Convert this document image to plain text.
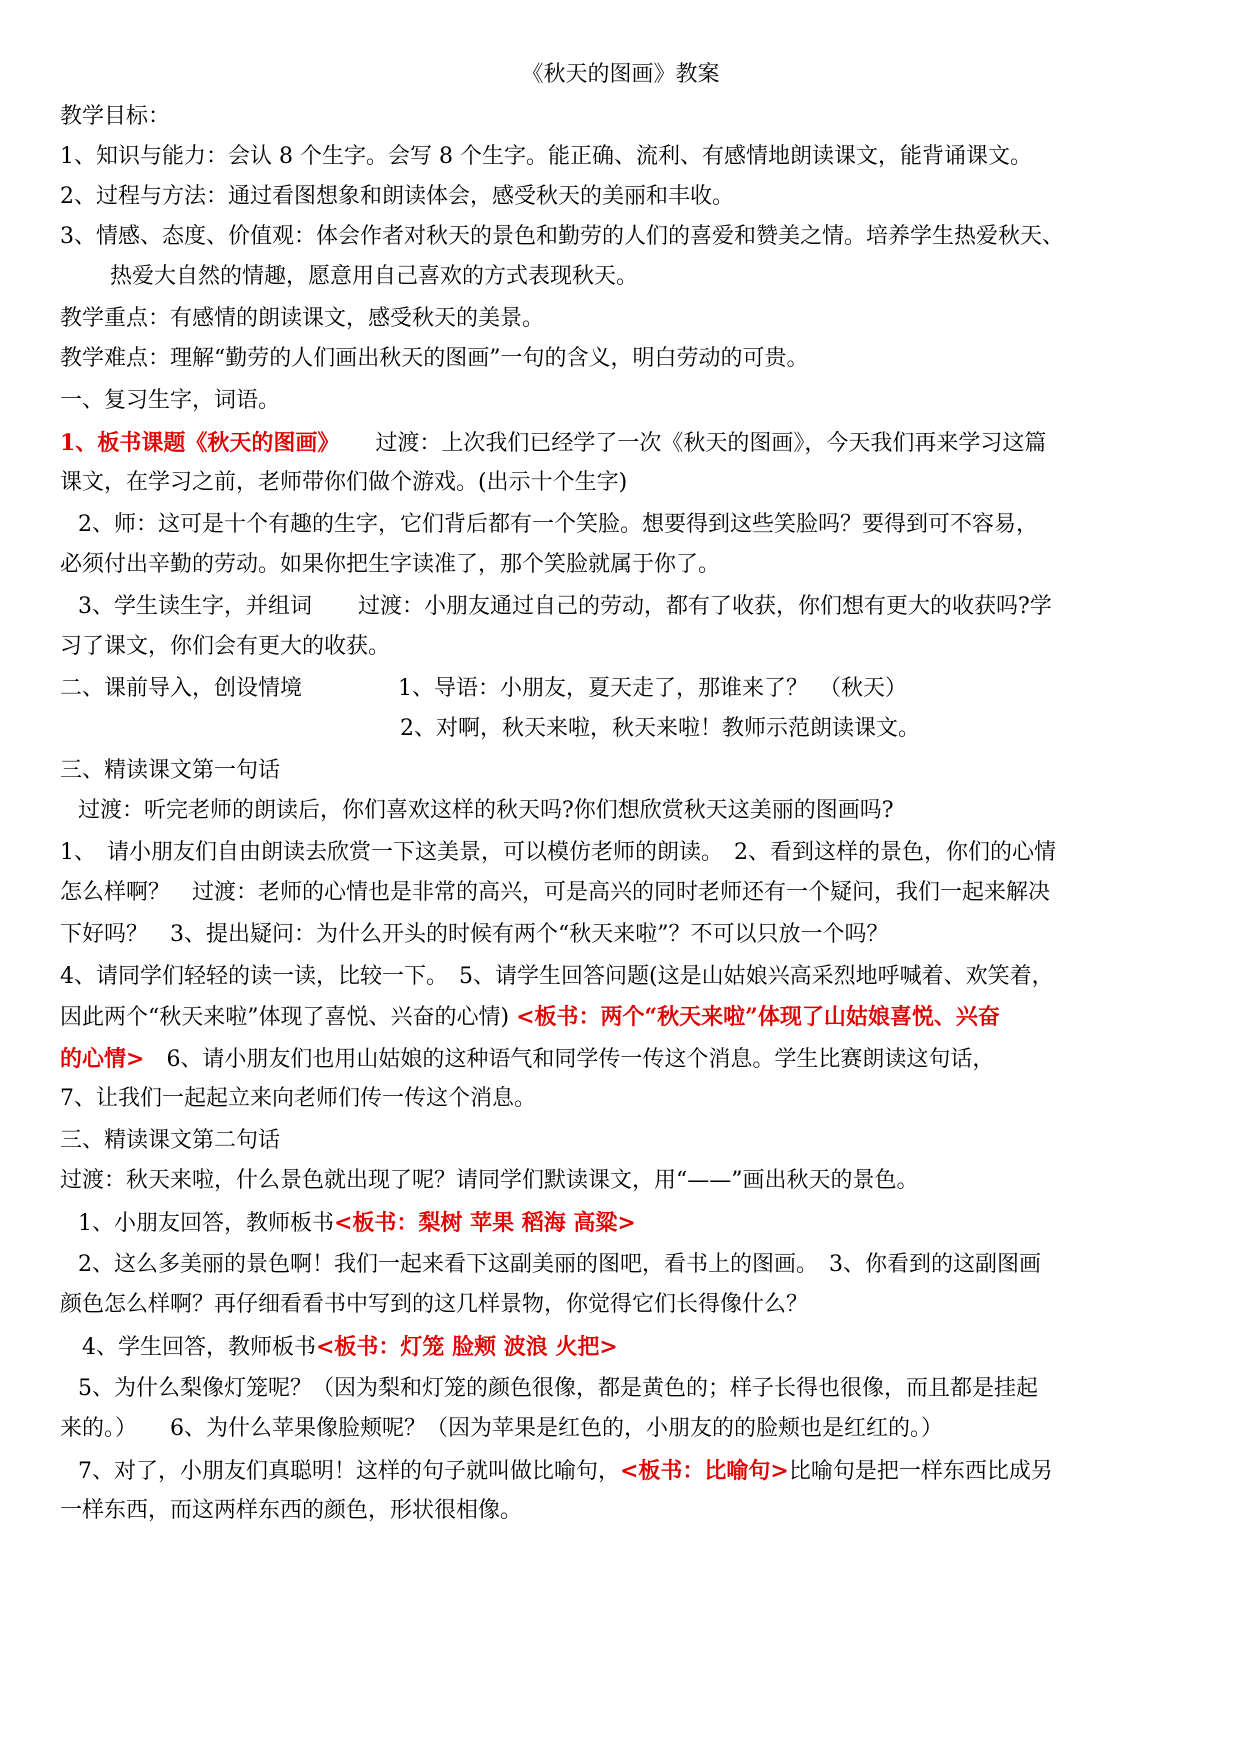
《秋天的图画》教案
教学目标：
1、知识与能力：会认 8 个生字。会写 8 个生字。能正确、流利、有感情地朗读课文，能背诵课文。
2、过程与方法：通过看图想象和朗读体会，感受秋天的美丽和丰收。
3、情感、态度、价值观：体会作者对秋天的景色和勤劳的人们的喜爱和赞美之情。培养学生热爱秋天、
热爱大自然的情趣，愿意用自己喜欢的方式表现秋天。
教学重点：有感情的朗读课文，感受秋天的美景。
教学难点：理解“勤劳的人们画出秋天的图画”一句的含义，明白劳动的可贵。
一、复习生字，词语。
1、板书课题《秋天的图画》 过渡：上次我们已经学了一次《秋天的图画》，今天我们再来学习这篇
课文，在学习之前，老师带你们做个游戏。(出示十个生字)
2、师：这可是十个有趣的生字，它们背后都有一个笑脸。想要得到这些笑脸吗？要得到可不容易，
必须付出辛勤的劳动。如果你把生字读准了，那个笑脸就属于你了。
3、学生读生字，并组词 过渡：小朋友通过自己的劳动，都有了收获，你们想有更大的收获吗?学
习了课文，你们会有更大的收获。
二、课前导入，创设情境	1、导语：小朋友，夏天走了，那谁来了？　（秋天）
2、对啊，秋天来啦，秋天来啦！教师示范朗读课文。
三、精读课文第一句话
过渡：听完老师的朗读后，你们喜欢这样的秋天吗?你们想欣赏秋天这美丽的图画吗?
1、　请小朋友们自由朗读去欣赏一下这美景，可以模仿老师的朗读。　2、看到这样的景色，你们的心情
怎么样啊？　过渡：老师的心情也是非常的高兴，可是高兴的同时老师还有一个疑问，我们一起来解决
下好吗？　3、提出疑问：为什么开头的时候有两个“秋天来啦”？不可以只放一个吗？
4、请同学们轻轻的读一读，比较一下。　5、请学生回答问题(这是山姑娘兴高采烈地呼喊着、欢笑着，
因此两个“秋天来啦”体现了喜悦、兴奋的心情) <板书：两个“秋天来啦”体现了山姑娘喜悦、兴奋
的心情>　6、请小朋友们也用山姑娘的这种语气和同学传一传这个消息。学生比赛朗读这句话，
7、让我们一起起立来向老师们传一传这个消息。
三、精读课文第二句话
过渡：秋天来啦，什么景色就出现了呢？请同学们默读课文，用“——”画出秋天的景色。
1、小朋友回答，教师板书<板书：梨树 苹果 稻海 高粱>
2、这么多美丽的景色啊！我们一起来看下这副美丽的图吧，看书上的图画。　3、你看到的这副图画
颜色怎么样啊？再仔细看看书中写到的这几样景物，你觉得它们长得像什么？
4、学生回答，教师板书<板书：灯笼 脸颊 波浪 火把>
5、为什么梨像灯笼呢？（因为梨和灯笼的颜色很像，都是黄色的；样子长得也很像，而且都是挂起
来的。）　　6、为什么苹果像脸颊呢？（因为苹果是红色的，小朋友的的脸颊也是红红的。）
7、对了，小朋友们真聪明！这样的句子就叫做比喻句，<板书：比喻句>比喻句是把一样东西比成另
一样东西，而这两样东西的颜色，形状很相像。
